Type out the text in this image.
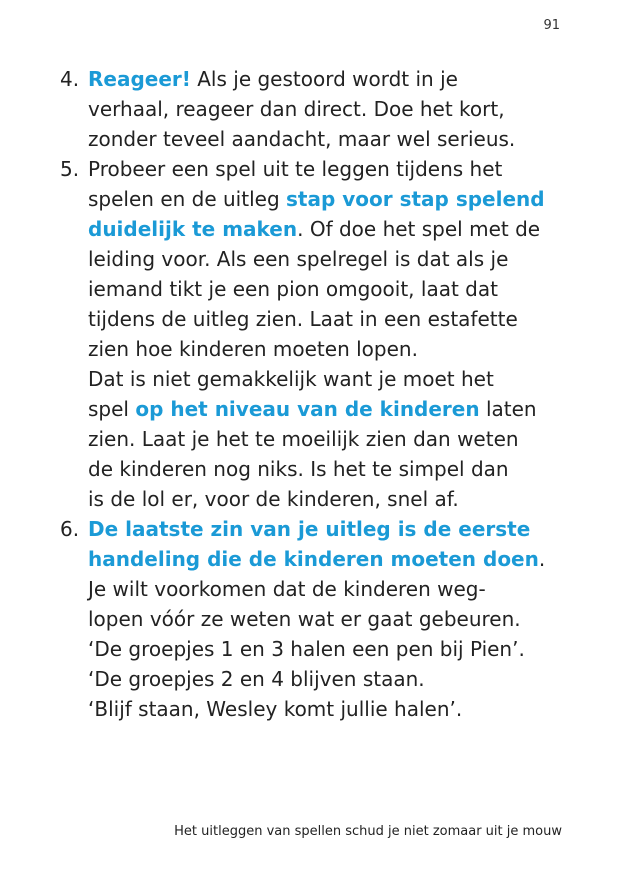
91
4. Reageer! Als je gestoord wordt in je
verhaal, reageer dan direct. Doe het kort,
zonder teveel aandacht, maar wel serieus.
5. Probeer een spel uit te leggen tijdens het
spelen en de uitleg stap voor stap spelend
duidelijk te maken. Of doe het spel met de
leiding voor. Als een spelregel is dat als je
iemand tikt je een pion omgooit, laat dat
tijdens de uitleg zien. Laat in een estafette
zien hoe kinderen moeten lopen.
Dat is niet gemakkelijk want je moet het
spel op het niveau van de kinderen laten
zien. Laat je het te moeilijk zien dan weten
de kinderen nog niks. Is het te simpel dan
is de lol er, voor de kinderen, snel af.
6. De laatste zin van je uitleg is de eerste
handeling die de kinderen moeten doen.
Je wilt voorkomen dat de kinderen weg-
lopen vóór ze weten wat er gaat gebeuren.
‘De groepjes 1 en 3 halen een pen bij Pien’.
‘De groepjes 2 en 4 blijven staan.
‘Blijf staan, Wesley komt jullie halen’.
Het uitleggen van spellen schud je niet zomaar uit je mouw
